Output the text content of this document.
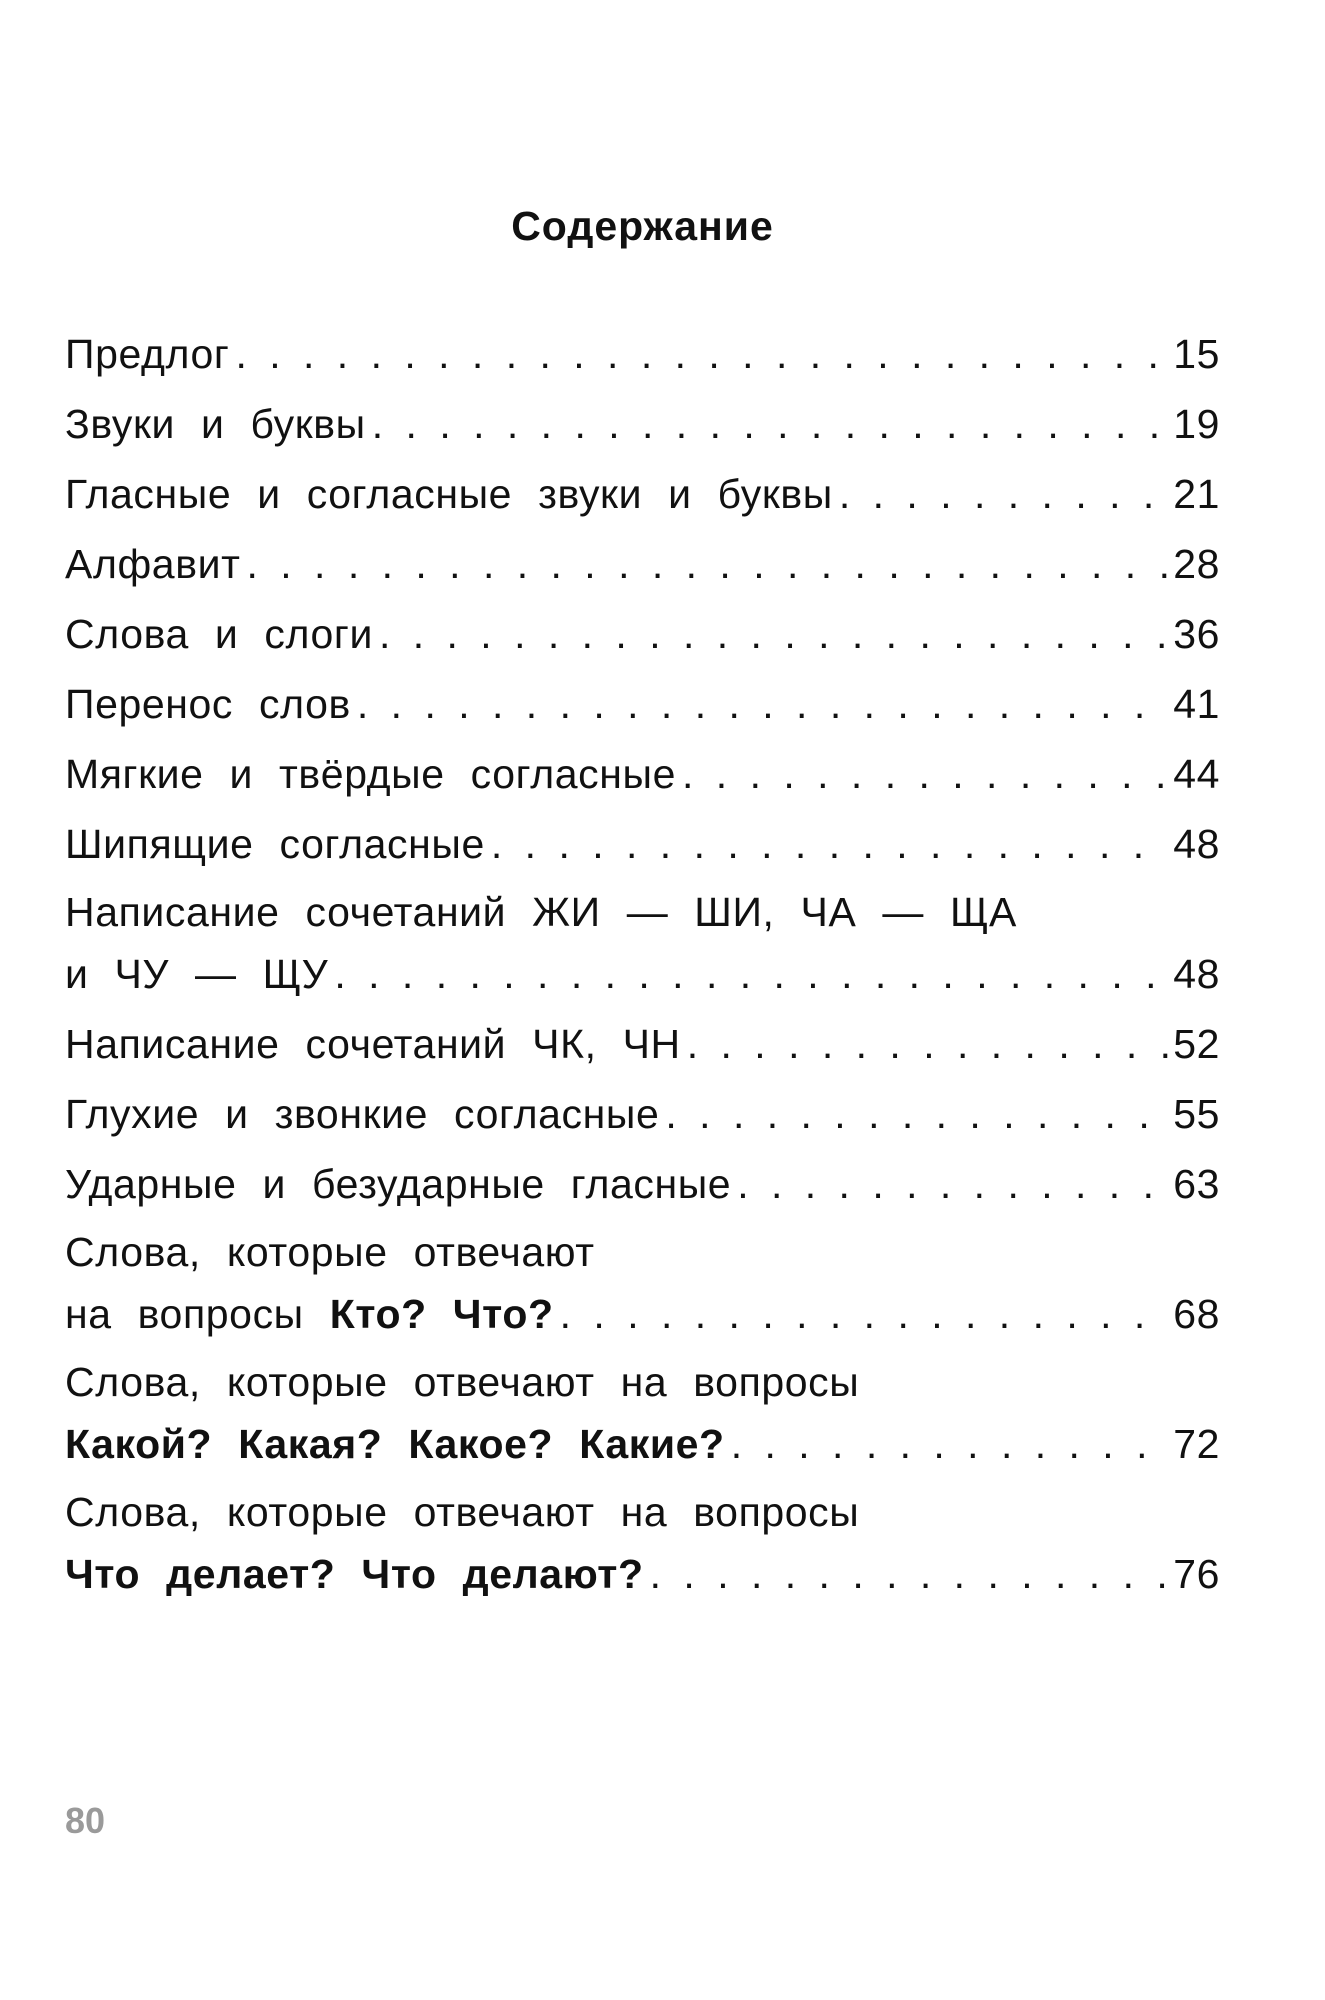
Содержание
Предлог . . .	15
Звуки и буквы . . .	19
Гласные и согласные звуки и буквы . . .	21
Алфавит . . .	28
Слова и слоги . . .	36
Перенос слов . . .	41
Мягкие и твёрдые согласные . . .	44
Шипящие согласные . . .	48
Написание сочетаний ЖИ — ШИ, ЧА — ЩА
и ЧУ — ЩУ . . .	48
Написание сочетаний ЧК, ЧН . . .	52
Глухие и звонкие согласные . . .	55
Ударные и безударные гласные . . .	63
Слова, которые отвечают
на вопросы Кто? Что? . . .	68
Слова, которые отвечают на вопросы
Какой? Какая? Какое? Какие? . . .	72
Слова, которые отвечают на вопросы
Что делает? Что делают? . . .	76
80
